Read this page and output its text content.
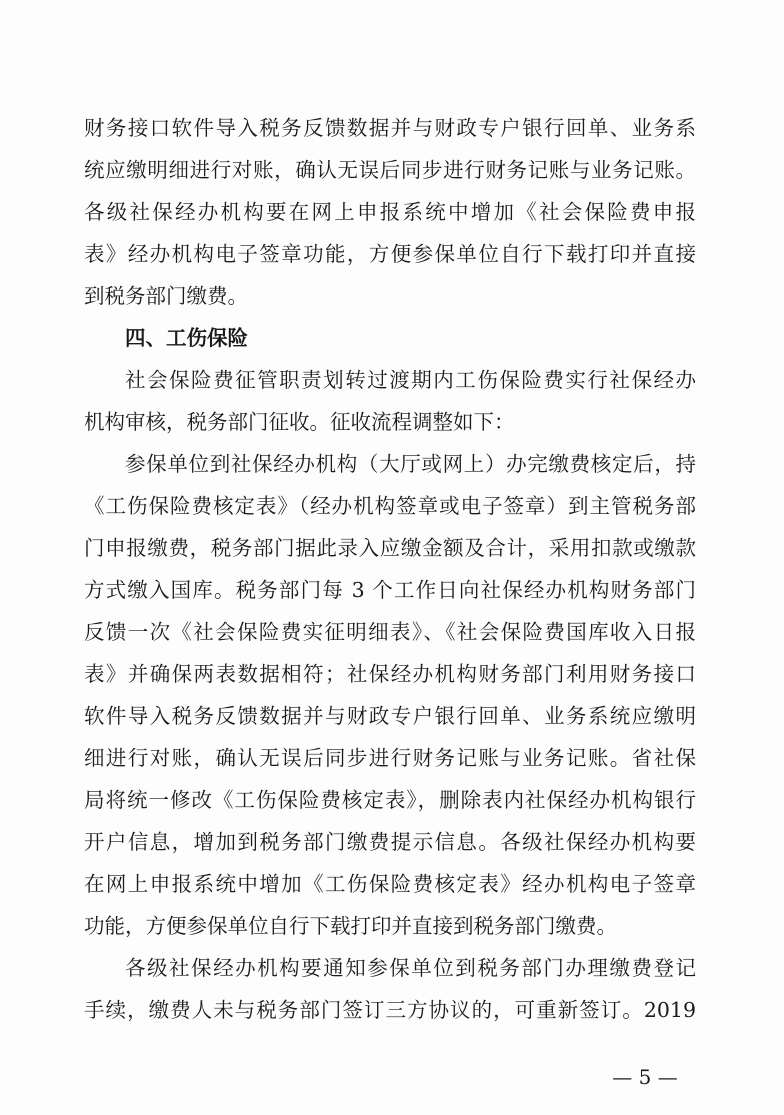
财务接口软件导入税务反馈数据并与财政专户银行回单、业务系
统应缴明细进行对账，确认无误后同步进行财务记账与业务记账。
各级社保经办机构要在网上申报系统中增加《社会保险费申报
表》经办机构电子签章功能，方便参保单位自行下载打印并直接
到税务部门缴费。
四、工伤保险
社会保险费征管职责划转过渡期内工伤保险费实行社保经办
机构审核，税务部门征收。征收流程调整如下：
参保单位到社保经办机构（大厅或网上）办完缴费核定后，持
《工伤保险费核定表》（经办机构签章或电子签章）到主管税务部
门申报缴费，税务部门据此录入应缴金额及合计，采用扣款或缴款
方式缴入国库。税务部门每 3 个工作日向社保经办机构财务部门
反馈一次《社会保险费实征明细表》、《社会保险费国库收入日报
表》并确保两表数据相符；社保经办机构财务部门利用财务接口
软件导入税务反馈数据并与财政专户银行回单、业务系统应缴明
细进行对账，确认无误后同步进行财务记账与业务记账。省社保
局将统一修改《工伤保险费核定表》，删除表内社保经办机构银行
开户信息，增加到税务部门缴费提示信息。各级社保经办机构要
在网上申报系统中增加《工伤保险费核定表》经办机构电子签章
功能，方便参保单位自行下载打印并直接到税务部门缴费。
各级社保经办机构要通知参保单位到税务部门办理缴费登记
手续，缴费人未与税务部门签订三方协议的，可重新签订。2019
— 5 —
